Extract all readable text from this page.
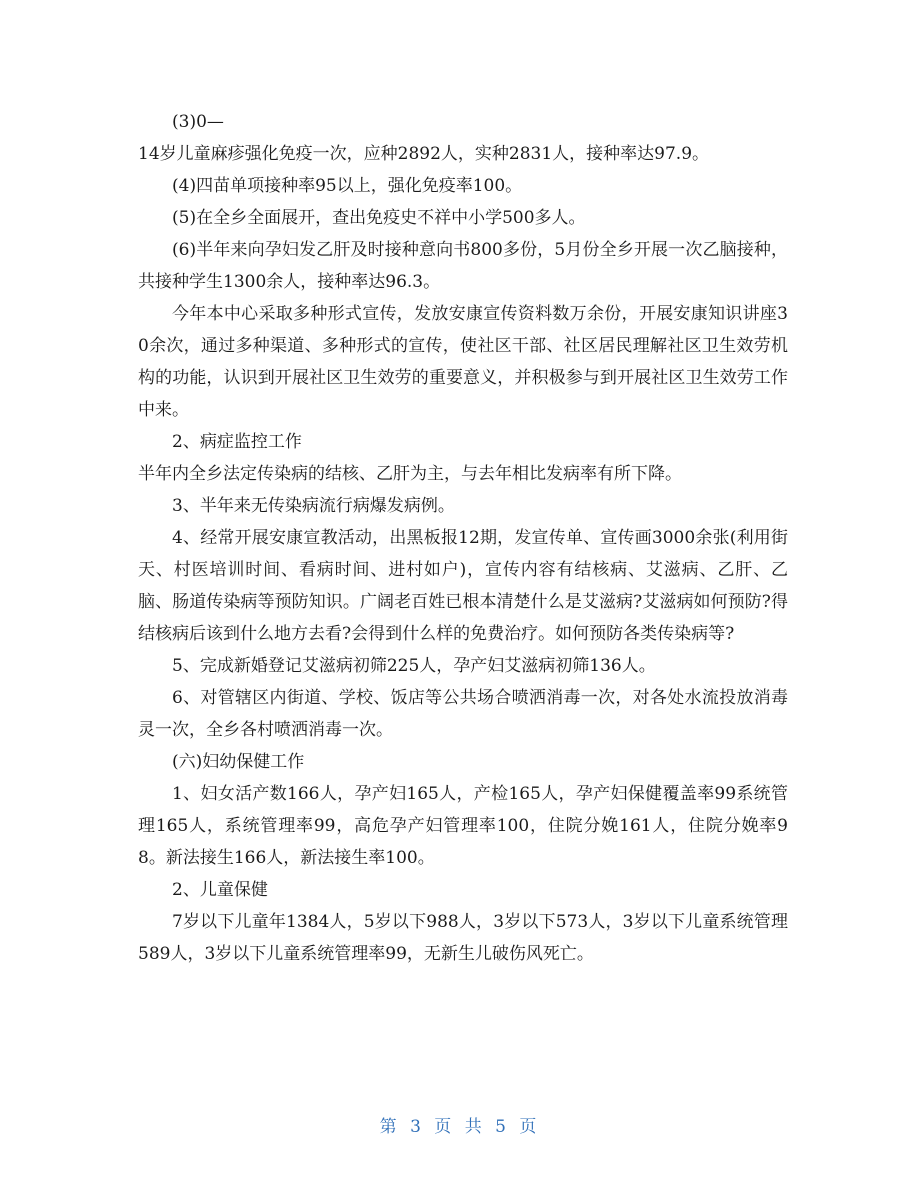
(3)0—

14岁儿童麻疹强化免疫一次，应种2892人，实种2831人，接种率达97.9。

(4)四苗单项接种率95以上，强化免疫率100。

(5)在全乡全面展开，查出免疫史不祥中小学500多人。

(6)半年来向孕妇发乙肝及时接种意向书800多份，5月份全乡开展一次乙脑接种，共接种学生1300余人，接种率达96.3。

今年本中心采取多种形式宣传，发放安康宣传资料数万余份，开展安康知识讲座30余次，通过多种渠道、多种形式的宣传，使社区干部、社区居民理解社区卫生效劳机构的功能，认识到开展社区卫生效劳的重要意义，并积极参与到开展社区卫生效劳工作中来。

2、病症监控工作

半年内全乡法定传染病的结核、乙肝为主，与去年相比发病率有所下降。

3、半年来无传染病流行病爆发病例。

4、经常开展安康宣教活动，出黑板报12期，发宣传单、宣传画3000余张(利用街天、村医培训时间、看病时间、进村如户)，宣传内容有结核病、艾滋病、乙肝、乙脑、肠道传染病等预防知识。广阔老百姓已根本清楚什么是艾滋病?艾滋病如何预防?得结核病后该到什么地方去看?会得到什么样的免费治疗。如何预防各类传染病等?

5、完成新婚登记艾滋病初筛225人，孕产妇艾滋病初筛136人。

6、对管辖区内街道、学校、饭店等公共场合喷洒消毒一次，对各处水流投放消毒灵一次，全乡各村喷洒消毒一次。

(六)妇幼保健工作

1、妇女活产数166人，孕产妇165人，产检165人，孕产妇保健覆盖率99系统管理165人，系统管理率99，高危孕产妇管理率100，住院分娩161人，住院分娩率98。新法接生166人，新法接生率100。

2、儿童保健

7岁以下儿童年1384人，5岁以下988人，3岁以下573人，3岁以下儿童系统管理589人，3岁以下儿童系统管理率99，无新生儿破伤风死亡。

第 3 页 共 5 页
